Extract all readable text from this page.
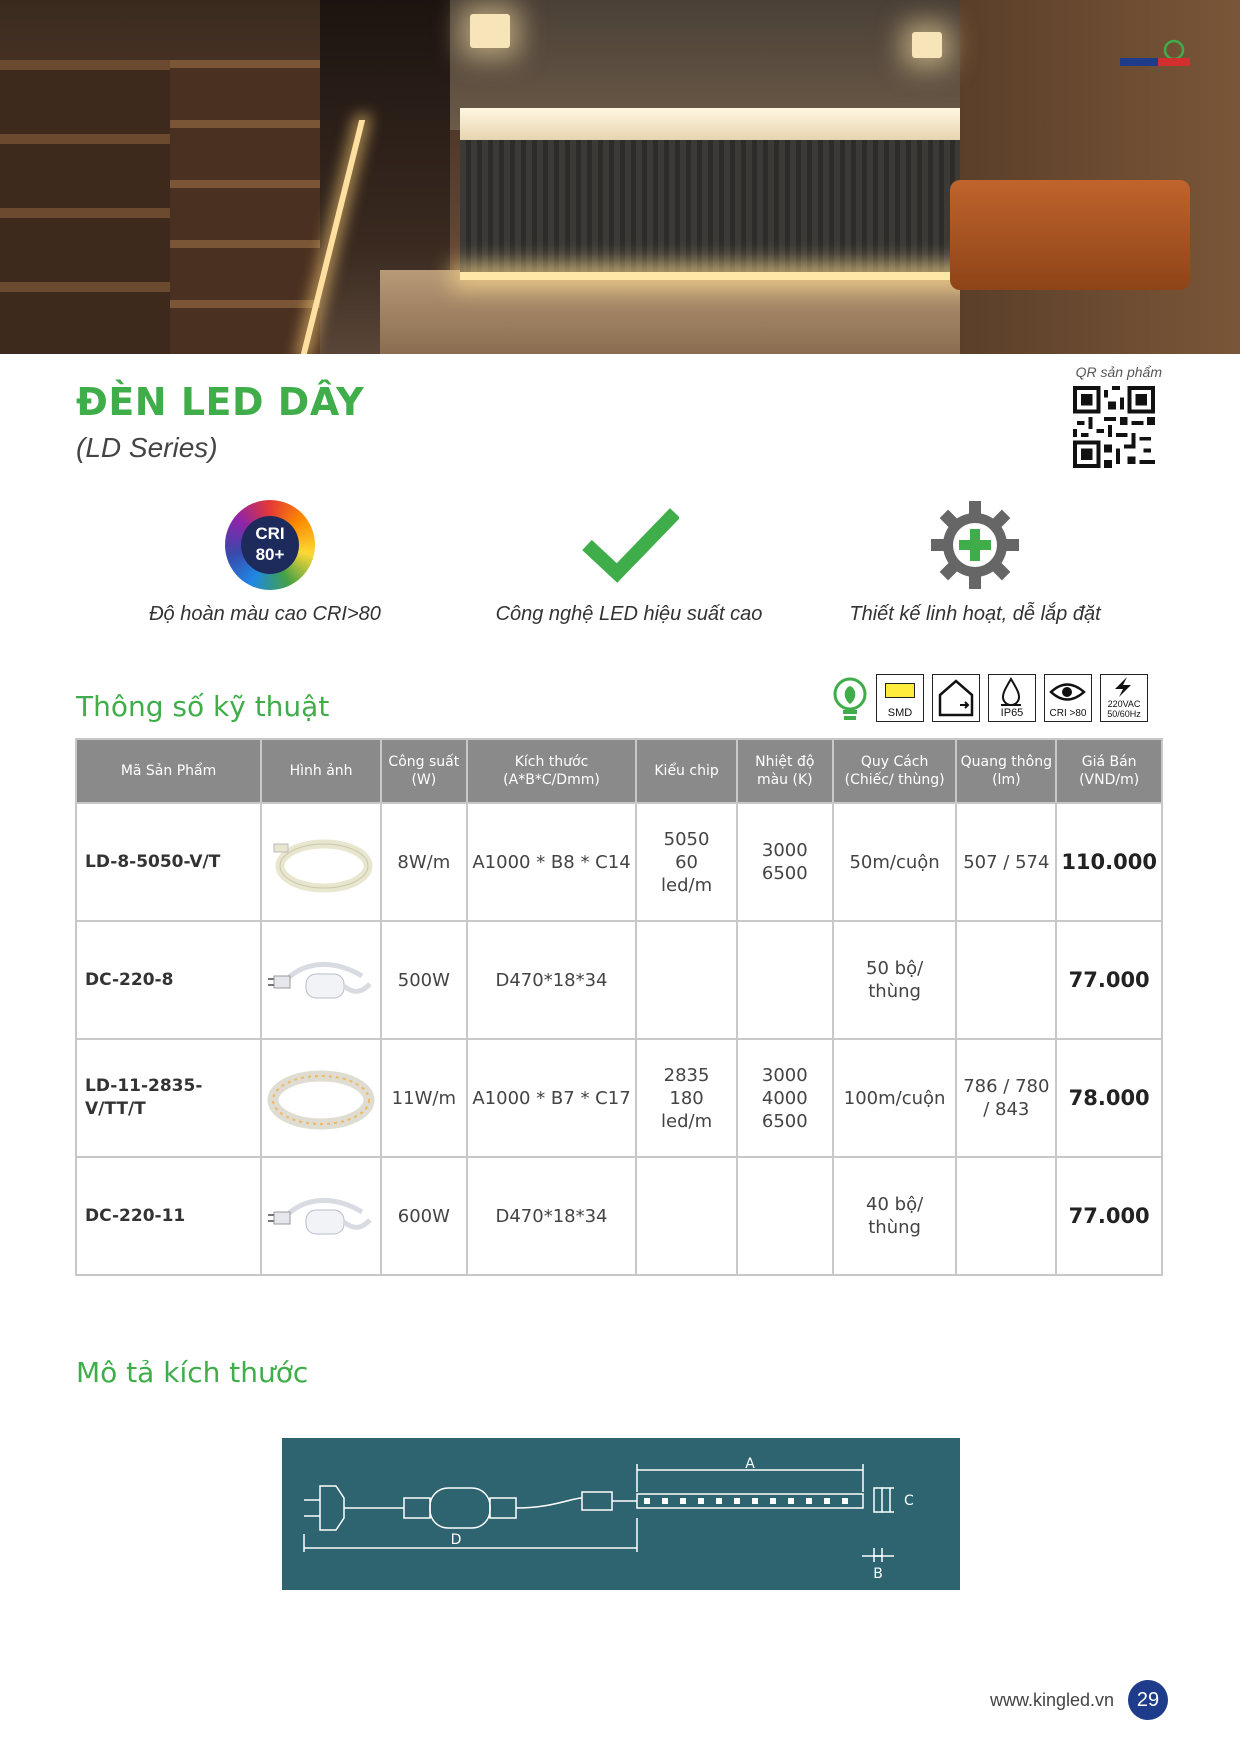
ĐÈN LED DÂY
(LD Series)
QR sản phẩm
CRI
80+
Độ hoàn màu cao CRI>80	Công nghệ LED hiệu suất cao	Thiết kế linh hoạt, dễ lắp đặt
Thông số kỹ thuật	SMD	IP65	CRI >80
220VAC 50/60Hz
Mã Sản Phẩm	Hình ảnh	Công suất (W)	Kích thước (A*B*C/Dmm)	Kiểu chip	Nhiệt độ màu (K)	Quy Cách (Chiếc/ thùng)	Quang thông (lm)	Giá Bán (VND/m)
LD-8-5050-V/T		8W/m	A1000 * B8 * C14	5050
60
led/m	3000
6500	50m/cuộn	507 / 574	110.000
DC-220-8		500W	D470*18*34			50 bộ/
thùng		77.000
LD-11-2835-V/TT/T		11W/m	A1000 * B7 * C17	2835
180
led/m	3000
4000
6500	100m/cuộn	786 / 780
/ 843	78.000
DC-220-11		600W	D470*18*34			40 bộ/
thùng		77.000
Mô tả kích thước
A
C
B
D
www.kingled.vn	29
